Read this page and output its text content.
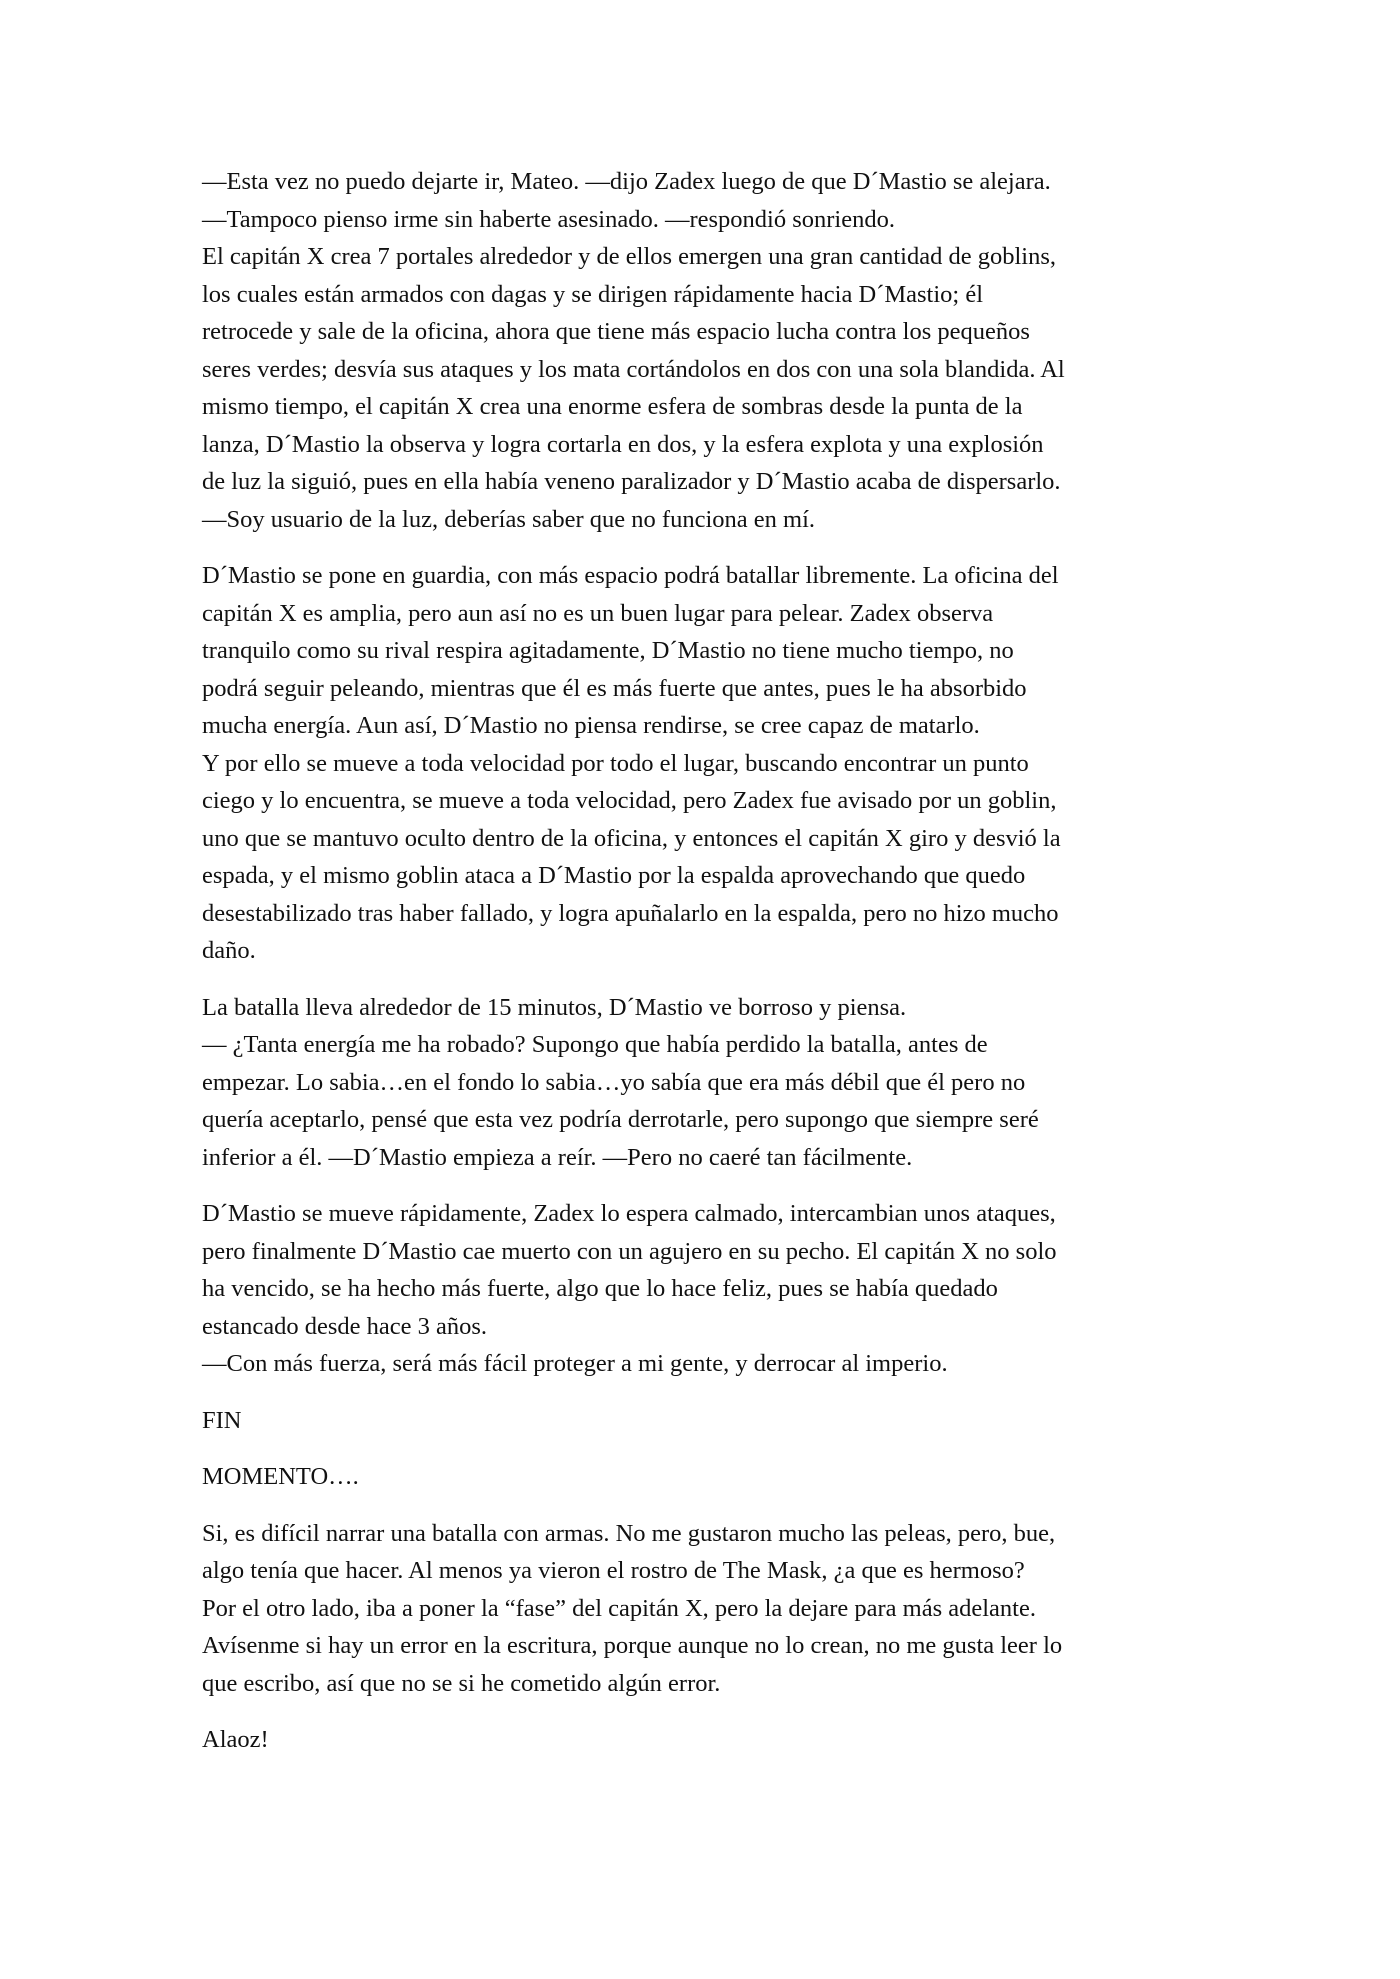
—Esta vez no puedo dejarte ir, Mateo. —dijo Zadex luego de que D´Mastio se alejara.
—Tampoco pienso irme sin haberte asesinado. —respondió sonriendo.
El capitán X crea 7 portales alrededor y de ellos emergen una gran cantidad de goblins,
los cuales están armados con dagas y se dirigen rápidamente hacia D´Mastio; él
retrocede y sale de la oficina, ahora que tiene más espacio lucha contra los pequeños
seres verdes; desvía sus ataques y los mata cortándolos en dos con una sola blandida. Al
mismo tiempo, el capitán X crea una enorme esfera de sombras desde la punta de la
lanza, D´Mastio la observa y logra cortarla en dos, y la esfera explota y una explosión
de luz la siguió, pues en ella había veneno paralizador y D´Mastio acaba de dispersarlo.
—Soy usuario de la luz, deberías saber que no funciona en mí.
D´Mastio se pone en guardia, con más espacio podrá batallar libremente. La oficina del
capitán X es amplia, pero aun así no es un buen lugar para pelear. Zadex observa
tranquilo como su rival respira agitadamente, D´Mastio no tiene mucho tiempo, no
podrá seguir peleando, mientras que él es más fuerte que antes, pues le ha absorbido
mucha energía. Aun así, D´Mastio no piensa rendirse, se cree capaz de matarlo.
Y por ello se mueve a toda velocidad por todo el lugar, buscando encontrar un punto
ciego y lo encuentra, se mueve a toda velocidad, pero Zadex fue avisado por un goblin,
uno que se mantuvo oculto dentro de la oficina, y entonces el capitán X giro y desvió la
espada, y el mismo goblin ataca a D´Mastio por la espalda aprovechando que quedo
desestabilizado tras haber fallado, y logra apuñalarlo en la espalda, pero no hizo mucho
daño.
La batalla lleva alrededor de 15 minutos, D´Mastio ve borroso y piensa.
— ¿Tanta energía me ha robado? Supongo que había perdido la batalla, antes de
empezar. Lo sabia…en el fondo lo sabia…yo sabía que era más débil que él pero no
quería aceptarlo, pensé que esta vez podría derrotarle, pero supongo que siempre seré
inferior a él. —D´Mastio empieza a reír. —Pero no caeré tan fácilmente.
D´Mastio se mueve rápidamente, Zadex lo espera calmado, intercambian unos ataques,
pero finalmente D´Mastio cae muerto con un agujero en su pecho. El capitán X no solo
ha vencido, se ha hecho más fuerte, algo que lo hace feliz, pues se había quedado
estancado desde hace 3 años.
—Con más fuerza, será más fácil proteger a mi gente, y derrocar al imperio.
FIN
MOMENTO….
Si, es difícil narrar una batalla con armas. No me gustaron mucho las peleas, pero, bue,
algo tenía que hacer. Al menos ya vieron el rostro de The Mask, ¿a que es hermoso?
Por el otro lado, iba a poner la “fase” del capitán X, pero la dejare para más adelante.
Avísenme si hay un error en la escritura, porque aunque no lo crean, no me gusta leer lo
que escribo, así que no se si he cometido algún error.
Alaoz!
